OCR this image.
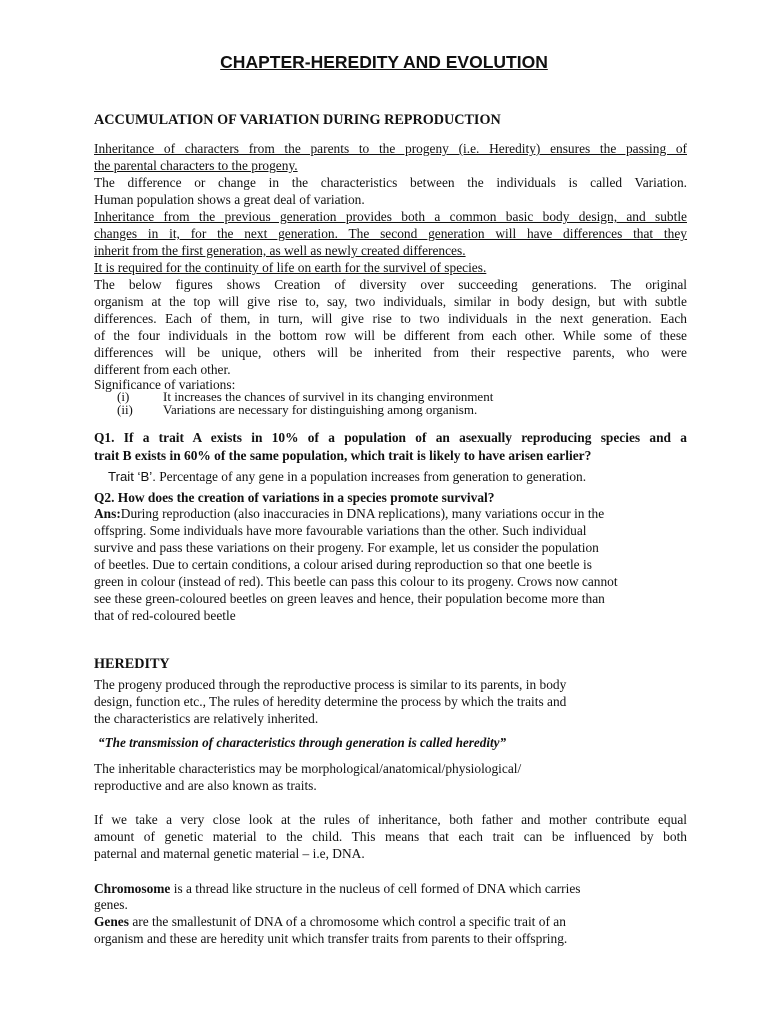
CHAPTER-HEREDITY AND EVOLUTION
ACCUMULATION OF VARIATION DURING REPRODUCTION
Inheritance of characters from the parents to the progeny (i.e. Heredity) ensures the passing of
the parental characters to the progeny.
The difference or change in the characteristics between the individuals is called Variation.
Human population shows a great deal of variation.
Inheritance from the previous generation provides both a common basic body design, and subtle
changes in it, for the next generation. The second generation will have differences that they
inherit from the first generation, as well as newly created differences.
It is required for the continuity of life on earth for the survivel of species.
The below figures shows Creation of diversity over succeeding generations. The original
organism at the top will give rise to, say, two individuals, similar in body design, but with subtle
differences. Each of them, in turn, will give rise to two individuals in the next generation. Each
of the four individuals in the bottom row will be different from each other. While some of these
differences will be unique, others will be inherited from their respective parents, who were
different from each other.
Significance of variations:
(i)	It increases the chances of survivel in its changing environment
(ii) Variations are necessary for distinguishing among organism.
Q1. If a trait A exists in 10% of a population of an asexually reproducing species and a
trait B exists in 60% of the same population, which trait is likely to have arisen earlier?
Trait ‘B’. Percentage of any gene in a population increases from generation to generation.
Q2. How does the creation of variations in a species promote survival?
Ans:During reproduction (also inaccuracies in DNA replications), many variations occur in the
offspring. Some individuals have more favourable variations than the other. Such individual
survive and pass these variations on their progeny. For example, let us consider the population
of beetles. Due to certain conditions, a colour arised during reproduction so that one beetle is
green in colour (instead of red). This beetle can pass this colour to its progeny. Crows now cannot
see these green-coloured beetles on green leaves and hence, their population become more than
that of red-coloured beetle
HEREDITY
The progeny produced through the reproductive process is similar to its parents, in body
design, function etc., The rules of heredity determine the process by which the traits and
the characteristics are relatively inherited.
“The transmission of characteristics through generation is called heredity”
The inheritable characteristics may be morphological/anatomical/physiological/
reproductive and are also known as traits.
If we take a very close look at the rules of inheritance, both father and mother contribute equal
amount of genetic material to the child. This means that each trait can be influenced by both
paternal and maternal genetic material – i.e, DNA.
Chromosome is a thread like structure in the nucleus of cell formed of DNA which carries
genes.
Genes are the smallestunit of DNA of a chromosome which control a specific trait of an
organism and these are heredity unit which transfer traits from parents to their offspring.
